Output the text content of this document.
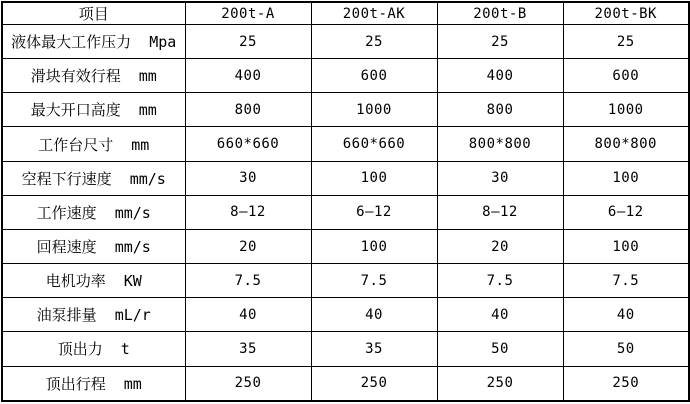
项目	200t-A	200t-AK	200t-B	200t-BK
液体最大工作压力  Mpa	25	25	25	25
滑块有效行程  mm	400	600	400	600
最大开口高度  mm	800	1000	800	1000
工作台尺寸  mm	660*660	660*660	800*800	800*800
空程下行速度  mm/s	30	100	30	100
工作速度  mm/s	8—12	6—12	8—12	6—12
回程速度  mm/s	20	100	20	100
电机功率  KW	7.5	7.5	7.5	7.5
油泵排量  mL/r	40	40	40	40
顶出力  t	35	35	50	50
顶出行程  mm	250	250	250	250
